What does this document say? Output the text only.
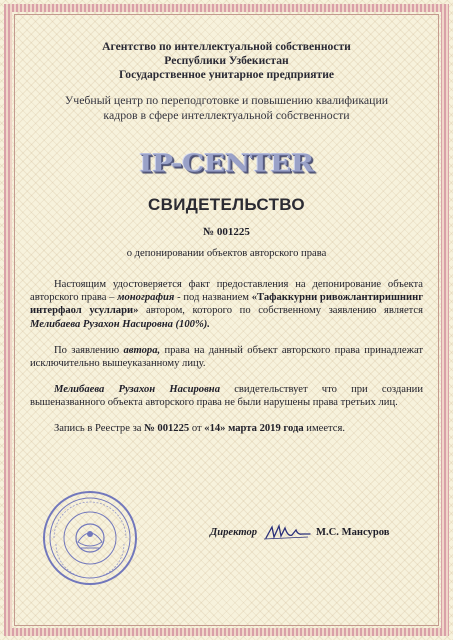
Агентство по интеллектуальной собственности
Республики Узбекистан
Государственное унитарное предприятие
Учебный центр по переподготовке и повышению квалификации
кадров в сфере интеллектуальной собственности
IP-CENTER
СВИДЕТЕЛЬСТВО
№ 001225
о депонировании объектов авторского права
Настоящим удостоверяется факт предоставления на депонирование объекта авторского права – монография - под названием «Тафаккурни ривожлантиришнинг интерфаол усуллари» автором, которого по собственному заявлению является Мелибаева Рузахон Насировна (100%).
По заявлению автора, права на данный объект авторского права принадлежат исключительно вышеуказанному лицу.
Мелибаева Рузахон Насировна свидетельствует что при создании вышеназванного объекта авторского права не были нарушены права третьих лиц.
Запись в Реестре за № 001225 от «14» марта 2019 года имеется.
Директор	М.С. Мансуров
